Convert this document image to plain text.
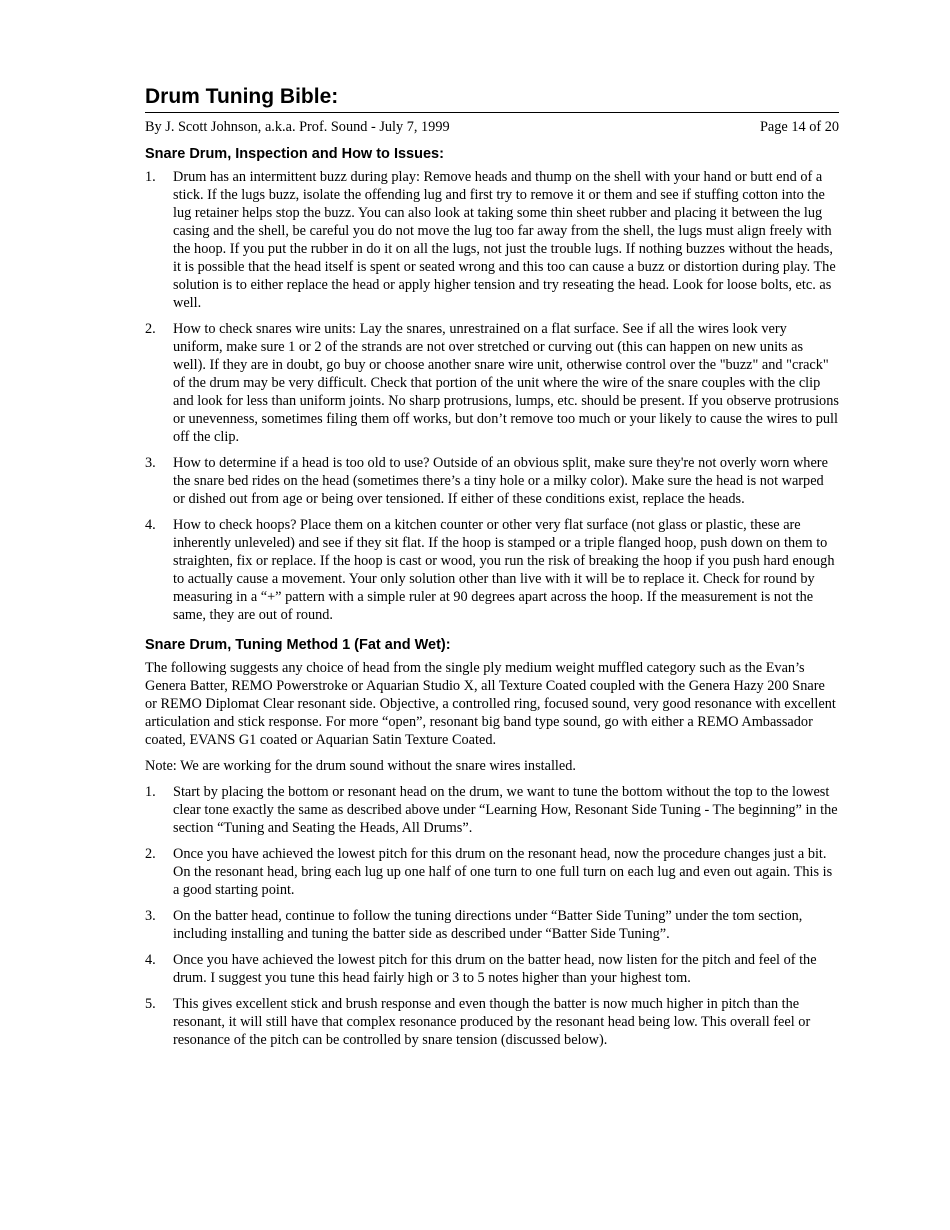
Drum Tuning Bible:
By J. Scott Johnson, a.k.a. Prof. Sound - July 7, 1999	Page 14 of 20
Snare Drum, Inspection and How to Issues:
1.	Drum has an intermittent buzz during play: Remove heads and thump on the shell with your hand or butt end of a stick. If the lugs buzz, isolate the offending lug and first try to remove it or them and see if stuffing cotton into the lug retainer helps stop the buzz. You can also look at taking some thin sheet rubber and placing it between the lug casing and the shell, be careful you do not move the lug too far away from the shell, the lugs must align freely with the hoop. If you put the rubber in do it on all the lugs, not just the trouble lugs. If nothing buzzes without the heads, it is possible that the head itself is spent or seated wrong and this too can cause a buzz or distortion during play. The solution is to either replace the head or apply higher tension and try reseating the head. Look for loose bolts, etc. as well.
2.	How to check snares wire units: Lay the snares, unrestrained on a flat surface. See if all the wires look very uniform, make sure 1 or 2 of the strands are not over stretched or curving out (this can happen on new units as well). If they are in doubt, go buy or choose another snare wire unit, otherwise control over the "buzz" and "crack" of the drum may be very difficult. Check that portion of the unit where the wire of the snare couples with the clip and look for less than uniform joints. No sharp protrusions, lumps, etc. should be present. If you observe protrusions or unevenness, sometimes filing them off works, but don’t remove too much or your likely to cause the wires to pull off the clip.
3.	How to determine if a head is too old to use? Outside of an obvious split, make sure they're not overly worn where the snare bed rides on the head (sometimes there’s a tiny hole or a milky color). Make sure the head is not warped or dished out from age or being over tensioned. If either of these conditions exist, replace the heads.
4.	How to check hoops? Place them on a kitchen counter or other very flat surface (not glass or plastic, these are inherently unleveled) and see if they sit flat. If the hoop is stamped or a triple flanged hoop, push down on them to straighten, fix or replace. If the hoop is cast or wood, you run the risk of breaking the hoop if you push hard enough to actually cause a movement. Your only solution other than live with it will be to replace it. Check for round by measuring in a “+” pattern with a simple ruler at 90 degrees apart across the hoop. If the measurement is not the same, they are out of round.
Snare Drum, Tuning Method 1 (Fat and Wet):

The following suggests any choice of head from the single ply medium weight muffled category such as the Evan’s Genera Batter, REMO Powerstroke or Aquarian Studio X, all Texture Coated coupled with the Genera Hazy 200 Snare or REMO Diplomat Clear resonant side. Objective, a controlled ring, focused sound, very good resonance with excellent articulation and stick response. For more “open”, resonant big band type sound, go with either a REMO Ambassador coated, EVANS G1 coated or Aquarian Satin Texture Coated.

Note: We are working for the drum sound without the snare wires installed.

1.	Start by placing the bottom or resonant head on the drum, we want to tune the bottom without the top to the lowest clear tone exactly the same as described above under “Learning How, Resonant Side Tuning - The beginning” in the section “Tuning and Seating the Heads, All Drums”.
2.	Once you have achieved the lowest pitch for this drum on the resonant head, now the procedure changes just a bit. On the resonant head, bring each lug up one half of one turn to one full turn on each lug and even out again. This is a good starting point.
3.	On the batter head, continue to follow the tuning directions under “Batter Side Tuning” under the tom section, including installing and tuning the batter side as described under “Batter Side Tuning”.
4.	Once you have achieved the lowest pitch for this drum on the batter head, now listen for the pitch and feel of the drum. I suggest you tune this head fairly high or 3 to 5 notes higher than your highest tom.
5.	This gives excellent stick and brush response and even though the batter is now much higher in pitch than the resonant, it will still have that complex resonance produced by the resonant head being low. This overall feel or resonance of the pitch can be controlled by snare tension (discussed below).
